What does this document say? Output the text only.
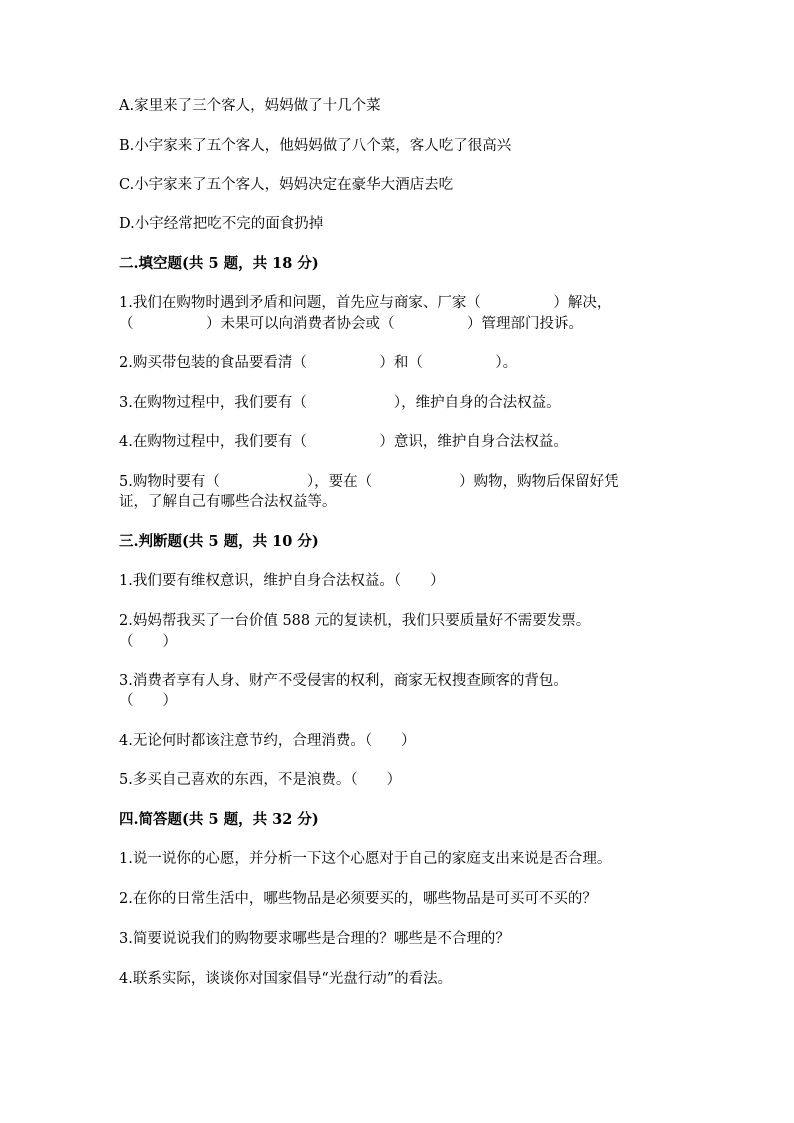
A.家里来了三个客人，妈妈做了十几个菜
B.小宇家来了五个客人，他妈妈做了八个菜，客人吃了很高兴
C.小宇家来了五个客人，妈妈决定在豪华大酒店去吃
D.小宇经常把吃不完的面食扔掉
二.填空题(共 5 题，共 18 分)
1.我们在购物时遇到矛盾和问题，首先应与商家、厂家（　　　　　）解决，
（　　　　　）未果可以向消费者协会或（　　　　　）管理部门投诉。
2.购买带包装的食品要看清（　　　　　）和（　　　　　）。
3.在购物过程中，我们要有（　　　　　　），维护自身的合法权益。
4.在购物过程中，我们要有（　　　　　）意识，维护自身合法权益。
5.购物时要有（　　　　　　），要在（　　　　　　）购物，购物后保留好凭
证，了解自己有哪些合法权益等。
三.判断题(共 5 题，共 10 分)
1.我们要有维权意识，维护自身合法权益。（　　）
2.妈妈帮我买了一台价值 588 元的复读机，我们只要质量好不需要发票。
（　　）
3.消费者享有人身、财产不受侵害的权利，商家无权搜查顾客的背包。
（　　）
4.无论何时都该注意节约，合理消费。（　　）
5.多买自己喜欢的东西，不是浪费。（　　）
四.简答题(共 5 题，共 32 分)
1.说一说你的心愿，并分析一下这个心愿对于自己的家庭支出来说是否合理。
2.在你的日常生活中，哪些物品是必须要买的，哪些物品是可买可不买的？
3.简要说说我们的购物要求哪些是合理的？哪些是不合理的？
4.联系实际，谈谈你对国家倡导“光盘行动”的看法。
